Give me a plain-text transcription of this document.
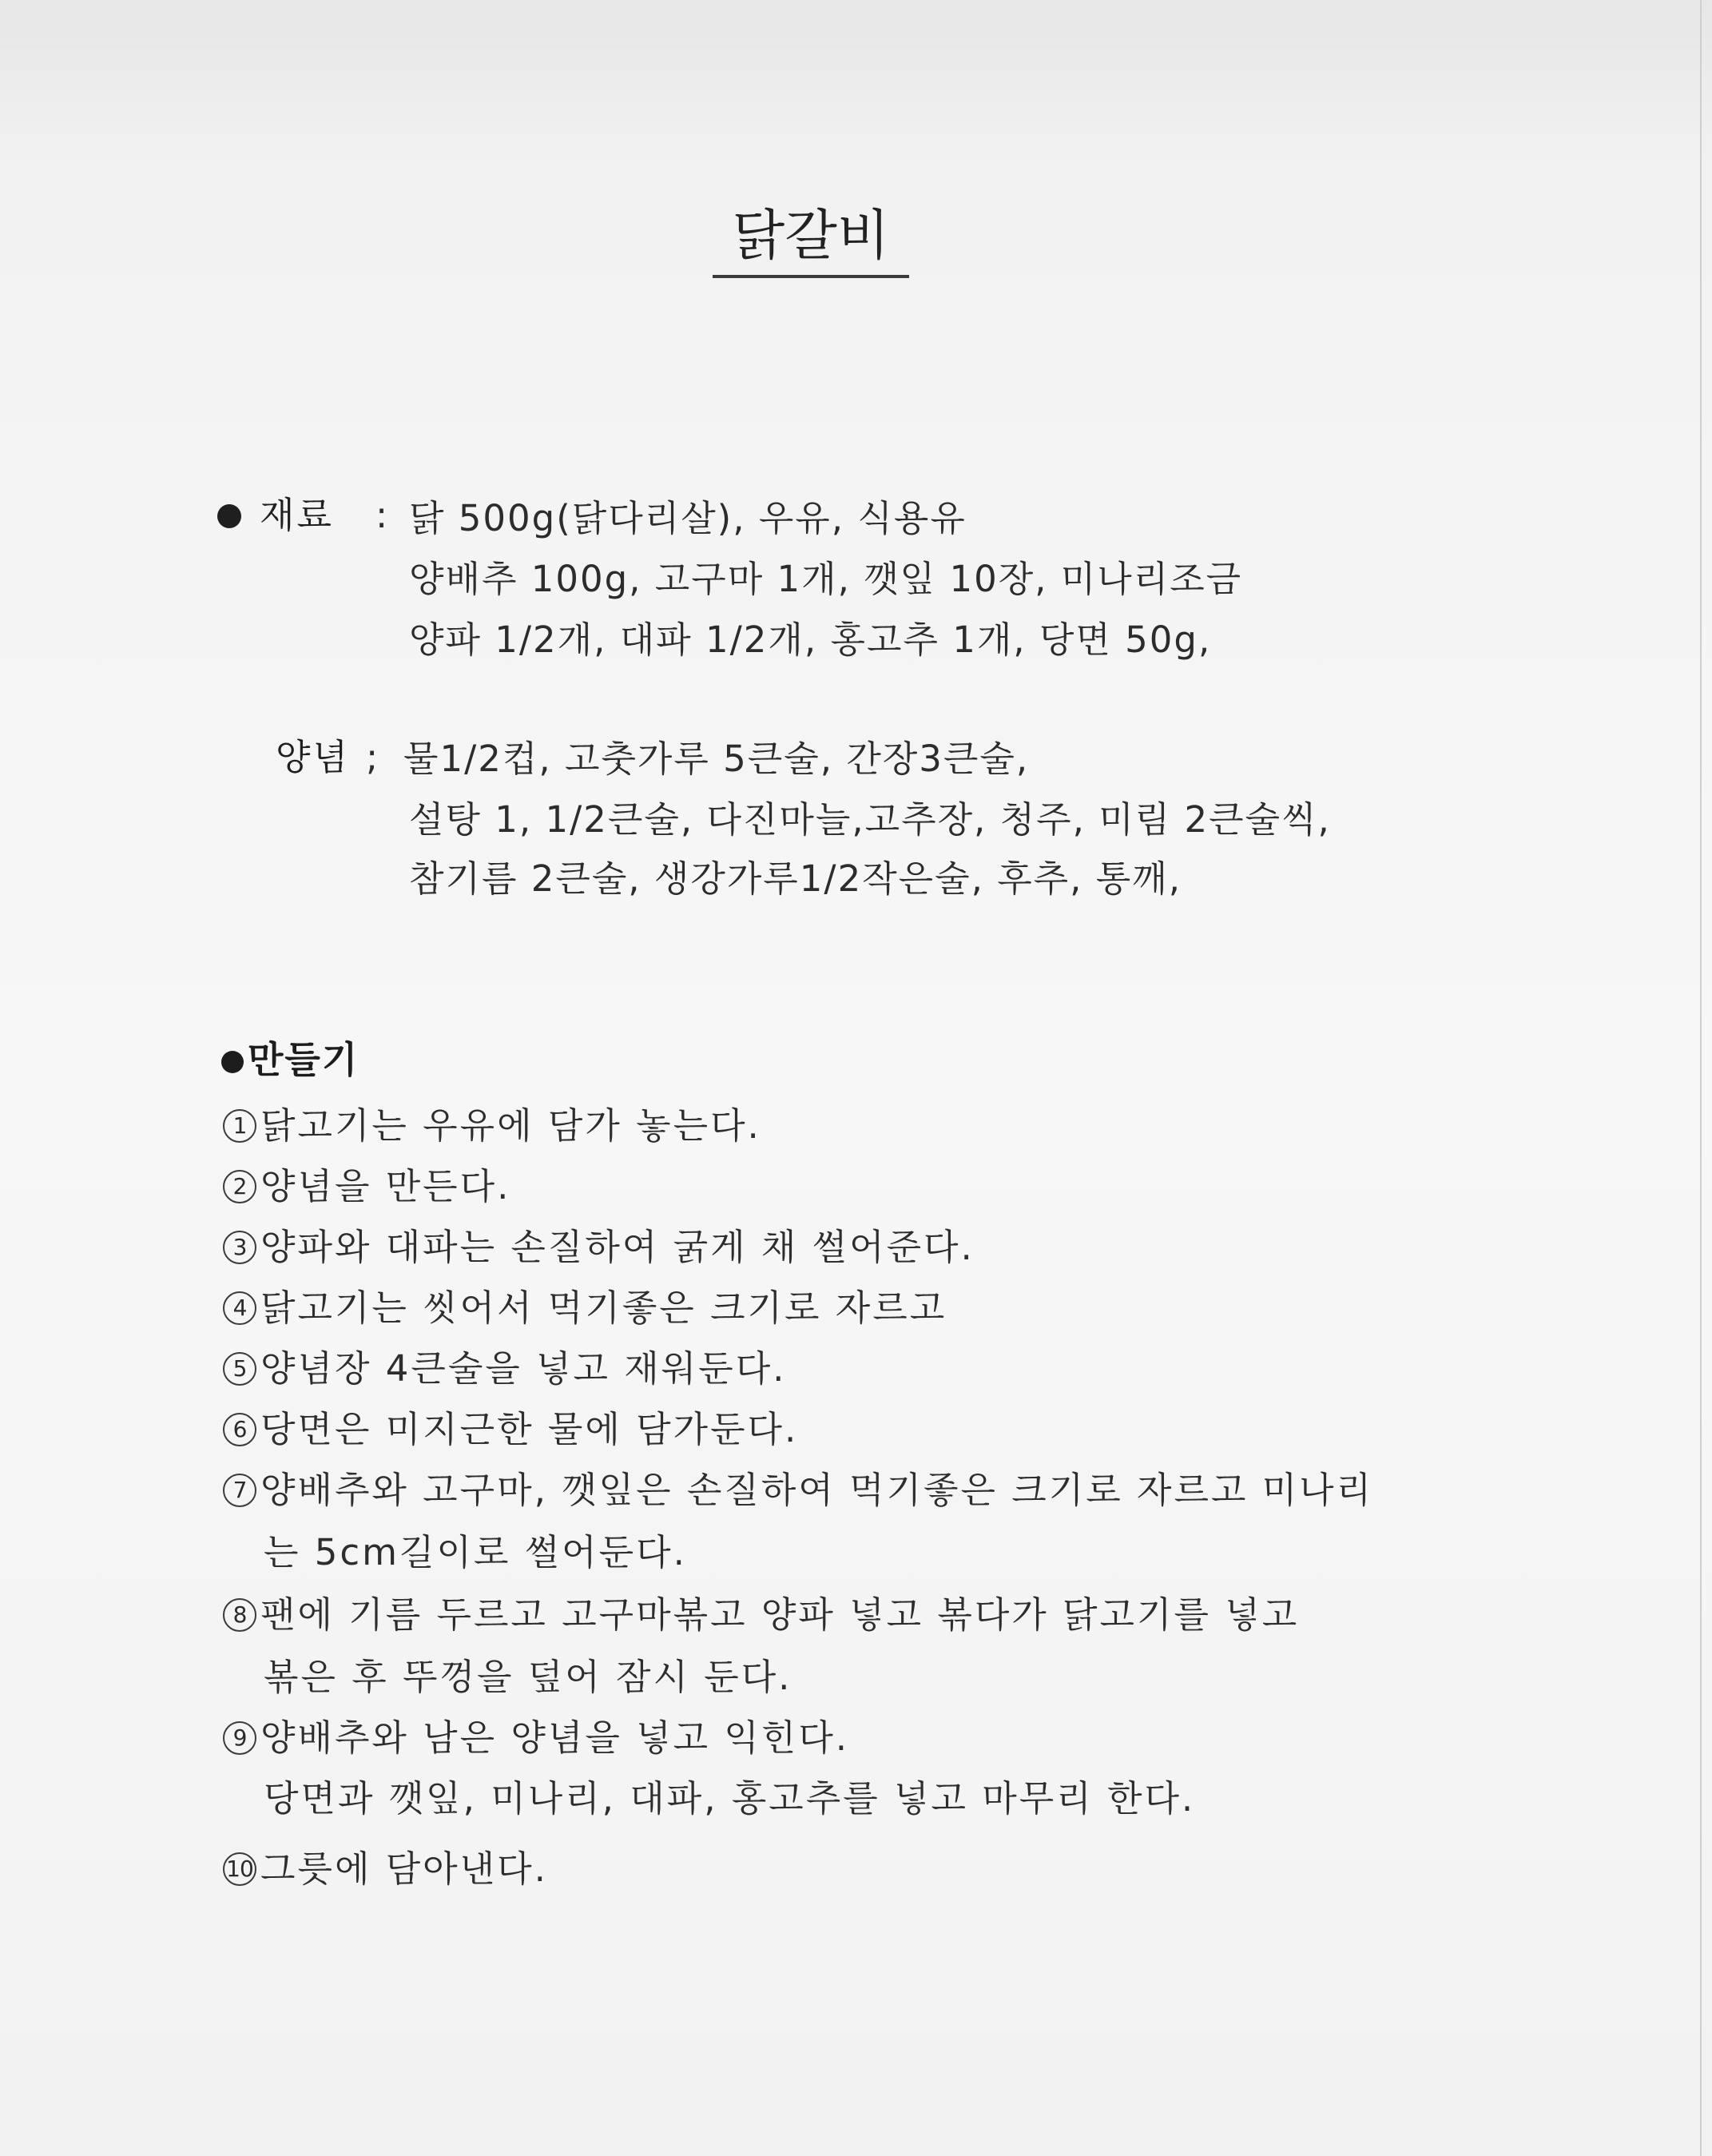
닭갈비
재료 : 닭 500g(닭다리살), 우유, 식용유
양배추 100g, 고구마 1개, 깻잎 10장, 미나리조금
양파 1/2개, 대파 1/2개, 홍고추 1개, 당면 50g,
양념 ; 물1/2컵, 고춧가루 5큰술, 간장3큰술,
설탕 1, 1/2큰술, 다진마늘,고추장, 청주, 미림 2큰술씩,
참기름 2큰술, 생강가루1/2작은술, 후추, 통깨,
만들기
1 닭고기는 우유에 담가 놓는다.
2 양념을 만든다.
3 양파와 대파는 손질하여 굵게 채 썰어준다.
4 닭고기는 씻어서 먹기좋은 크기로 자르고
5 양념장 4큰술을 넣고 재워둔다.
6 당면은 미지근한 물에 담가둔다.
7 양배추와 고구마, 깻잎은 손질하여 먹기좋은 크기로 자르고 미나리
는 5cm길이로 썰어둔다.
8 팬에 기름 두르고 고구마볶고 양파 넣고 볶다가 닭고기를 넣고
볶은 후 뚜껑을 덮어 잠시 둔다.
9 양배추와 남은 양념을 넣고 익힌다.
당면과 깻잎, 미나리, 대파, 홍고추를 넣고 마무리 한다.
10 그릇에 담아낸다.
